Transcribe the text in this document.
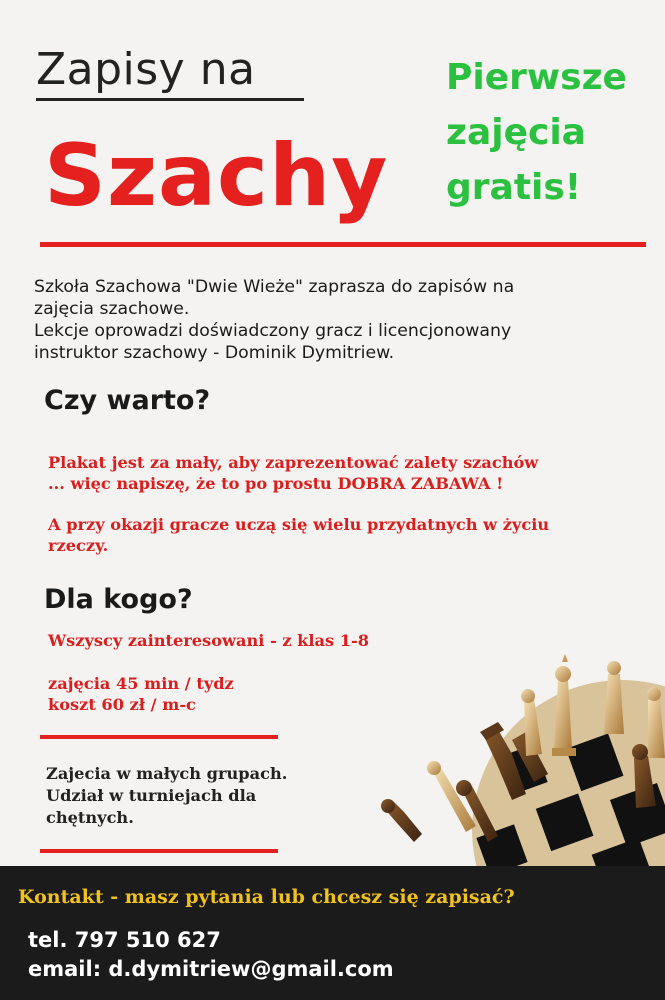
Zapisy na
Szachy
Pierwsze
zajęcia
gratis!
Szkoła Szachowa "Dwie Wieże" zaprasza do zapisów na
zajęcia szachowe.
Lekcje oprowadzi doświadczony gracz i licencjonowany
instruktor szachowy - Dominik Dymitriew.
Czy warto?
Plakat jest za mały, aby zaprezentować zalety szachów
... więc napiszę, że to po prostu DOBRA ZABAWA !
A przy okazji gracze uczą się wielu przydatnych w życiu
rzeczy.
Dla kogo?
Wszyscy zainteresowani - z klas 1-8
zajęcia 45 min / tydz
koszt 60 zł / m-c
Zajecia w małych grupach.
Udział w turniejach dla
chętnych.
Kontakt - masz pytania lub chcesz się zapisać?
tel. 797 510 627
email: d.dymitriew@gmail.com
